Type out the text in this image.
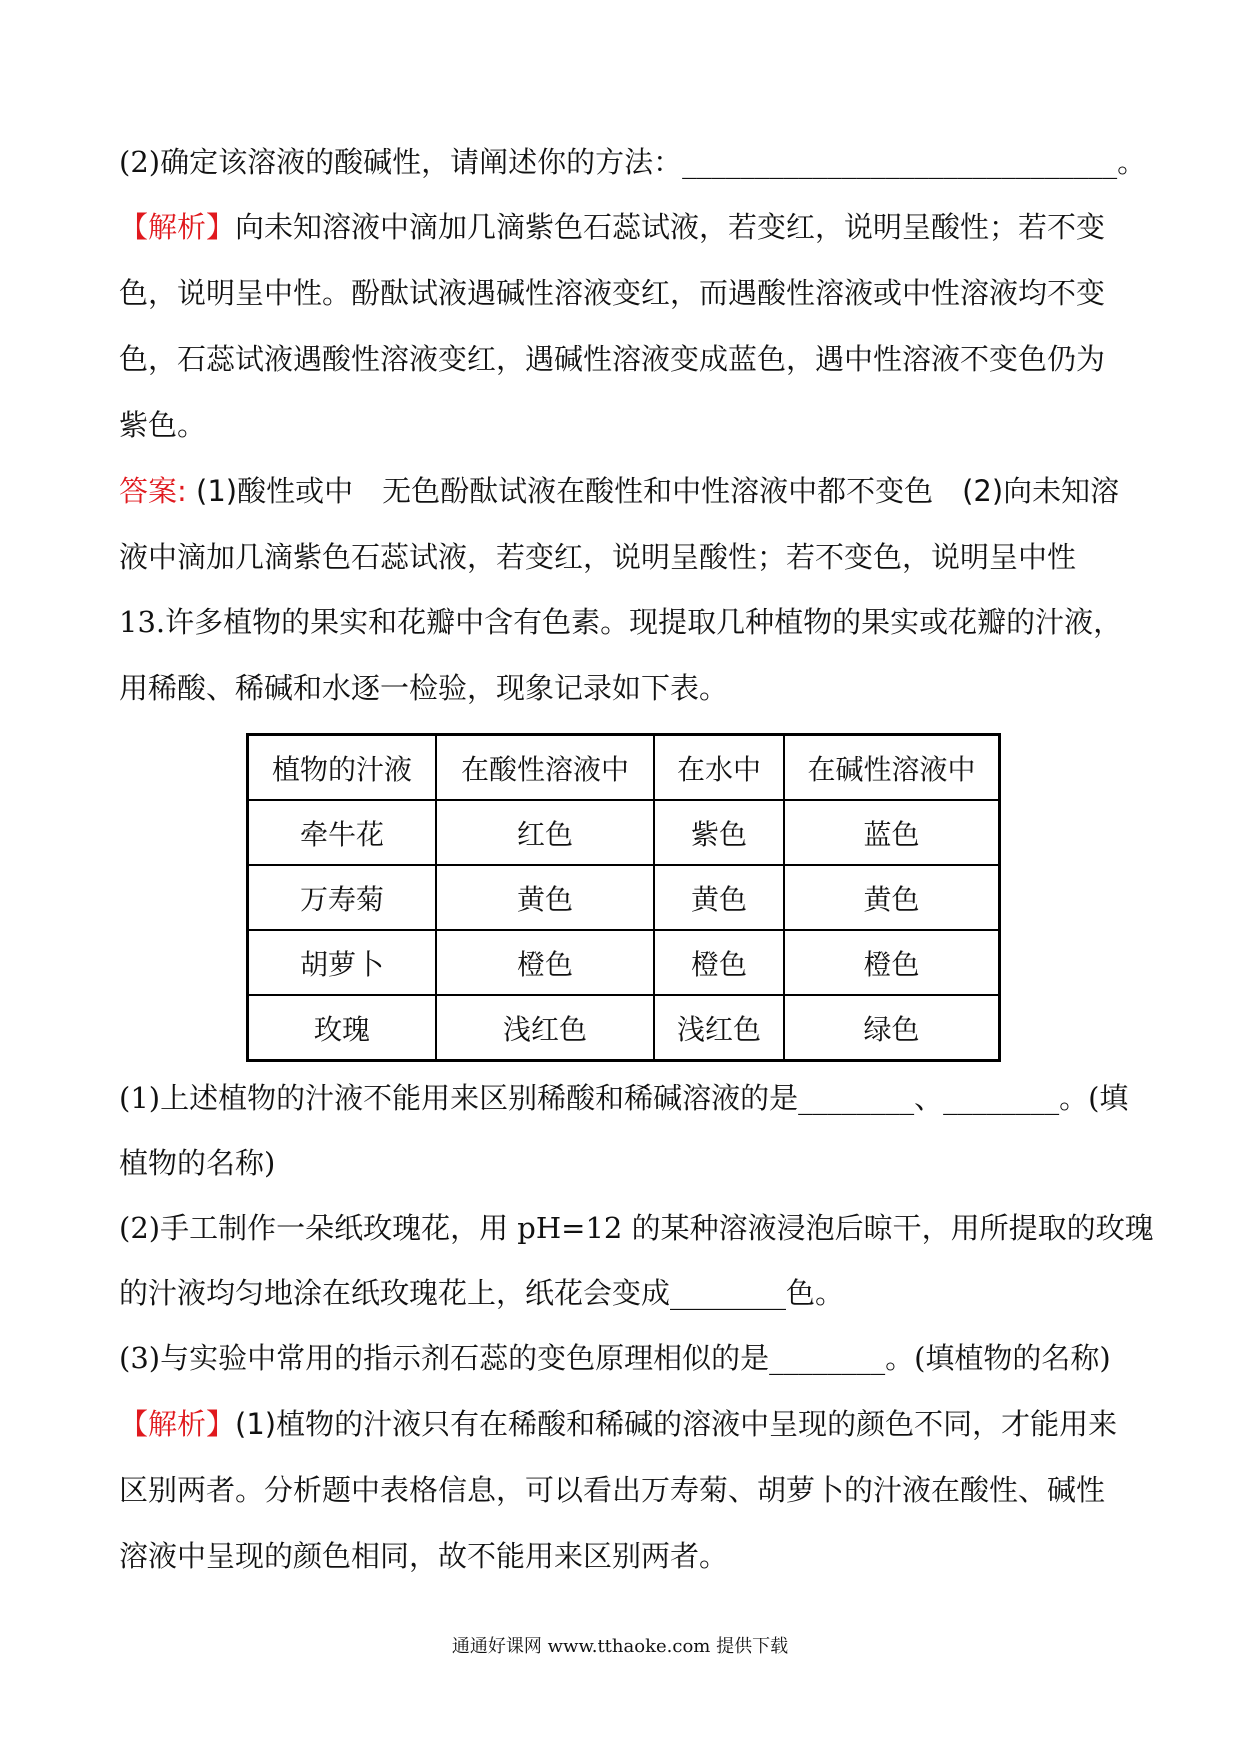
(2)确定该溶液的酸碱性，请阐述你的方法：______________________________。
【解析】向未知溶液中滴加几滴紫色石蕊试液，若变红，说明呈酸性；若不变
色，说明呈中性。酚酞试液遇碱性溶液变红，而遇酸性溶液或中性溶液均不变
色，石蕊试液遇酸性溶液变红，遇碱性溶液变成蓝色，遇中性溶液不变色仍为
紫色。
答案: (1)酸性或中　无色酚酞试液在酸性和中性溶液中都不变色　(2)向未知溶
液中滴加几滴紫色石蕊试液，若变红，说明呈酸性；若不变色，说明呈中性
13.许多植物的果实和花瓣中含有色素。现提取几种植物的果实或花瓣的汁液，
用稀酸、稀碱和水逐一检验，现象记录如下表。
植物的汁液	在酸性溶液中	在水中	在碱性溶液中
牵牛花	红色	紫色	蓝色
万寿菊	黄色	黄色	黄色
胡萝卜	橙色	橙色	橙色
玫瑰	浅红色	浅红色	绿色
(1)上述植物的汁液不能用来区别稀酸和稀碱溶液的是________、________。(填
植物的名称)
(2)手工制作一朵纸玫瑰花，用 pH=12 的某种溶液浸泡后晾干，用所提取的玫瑰
的汁液均匀地涂在纸玫瑰花上，纸花会变成________色。
(3)与实验中常用的指示剂石蕊的变色原理相似的是________。(填植物的名称)
【解析】(1)植物的汁液只有在稀酸和稀碱的溶液中呈现的颜色不同，才能用来
区别两者。分析题中表格信息，可以看出万寿菊、胡萝卜的汁液在酸性、碱性
溶液中呈现的颜色相同，故不能用来区别两者。
通通好课网 www.tthaoke.com 提供下载
